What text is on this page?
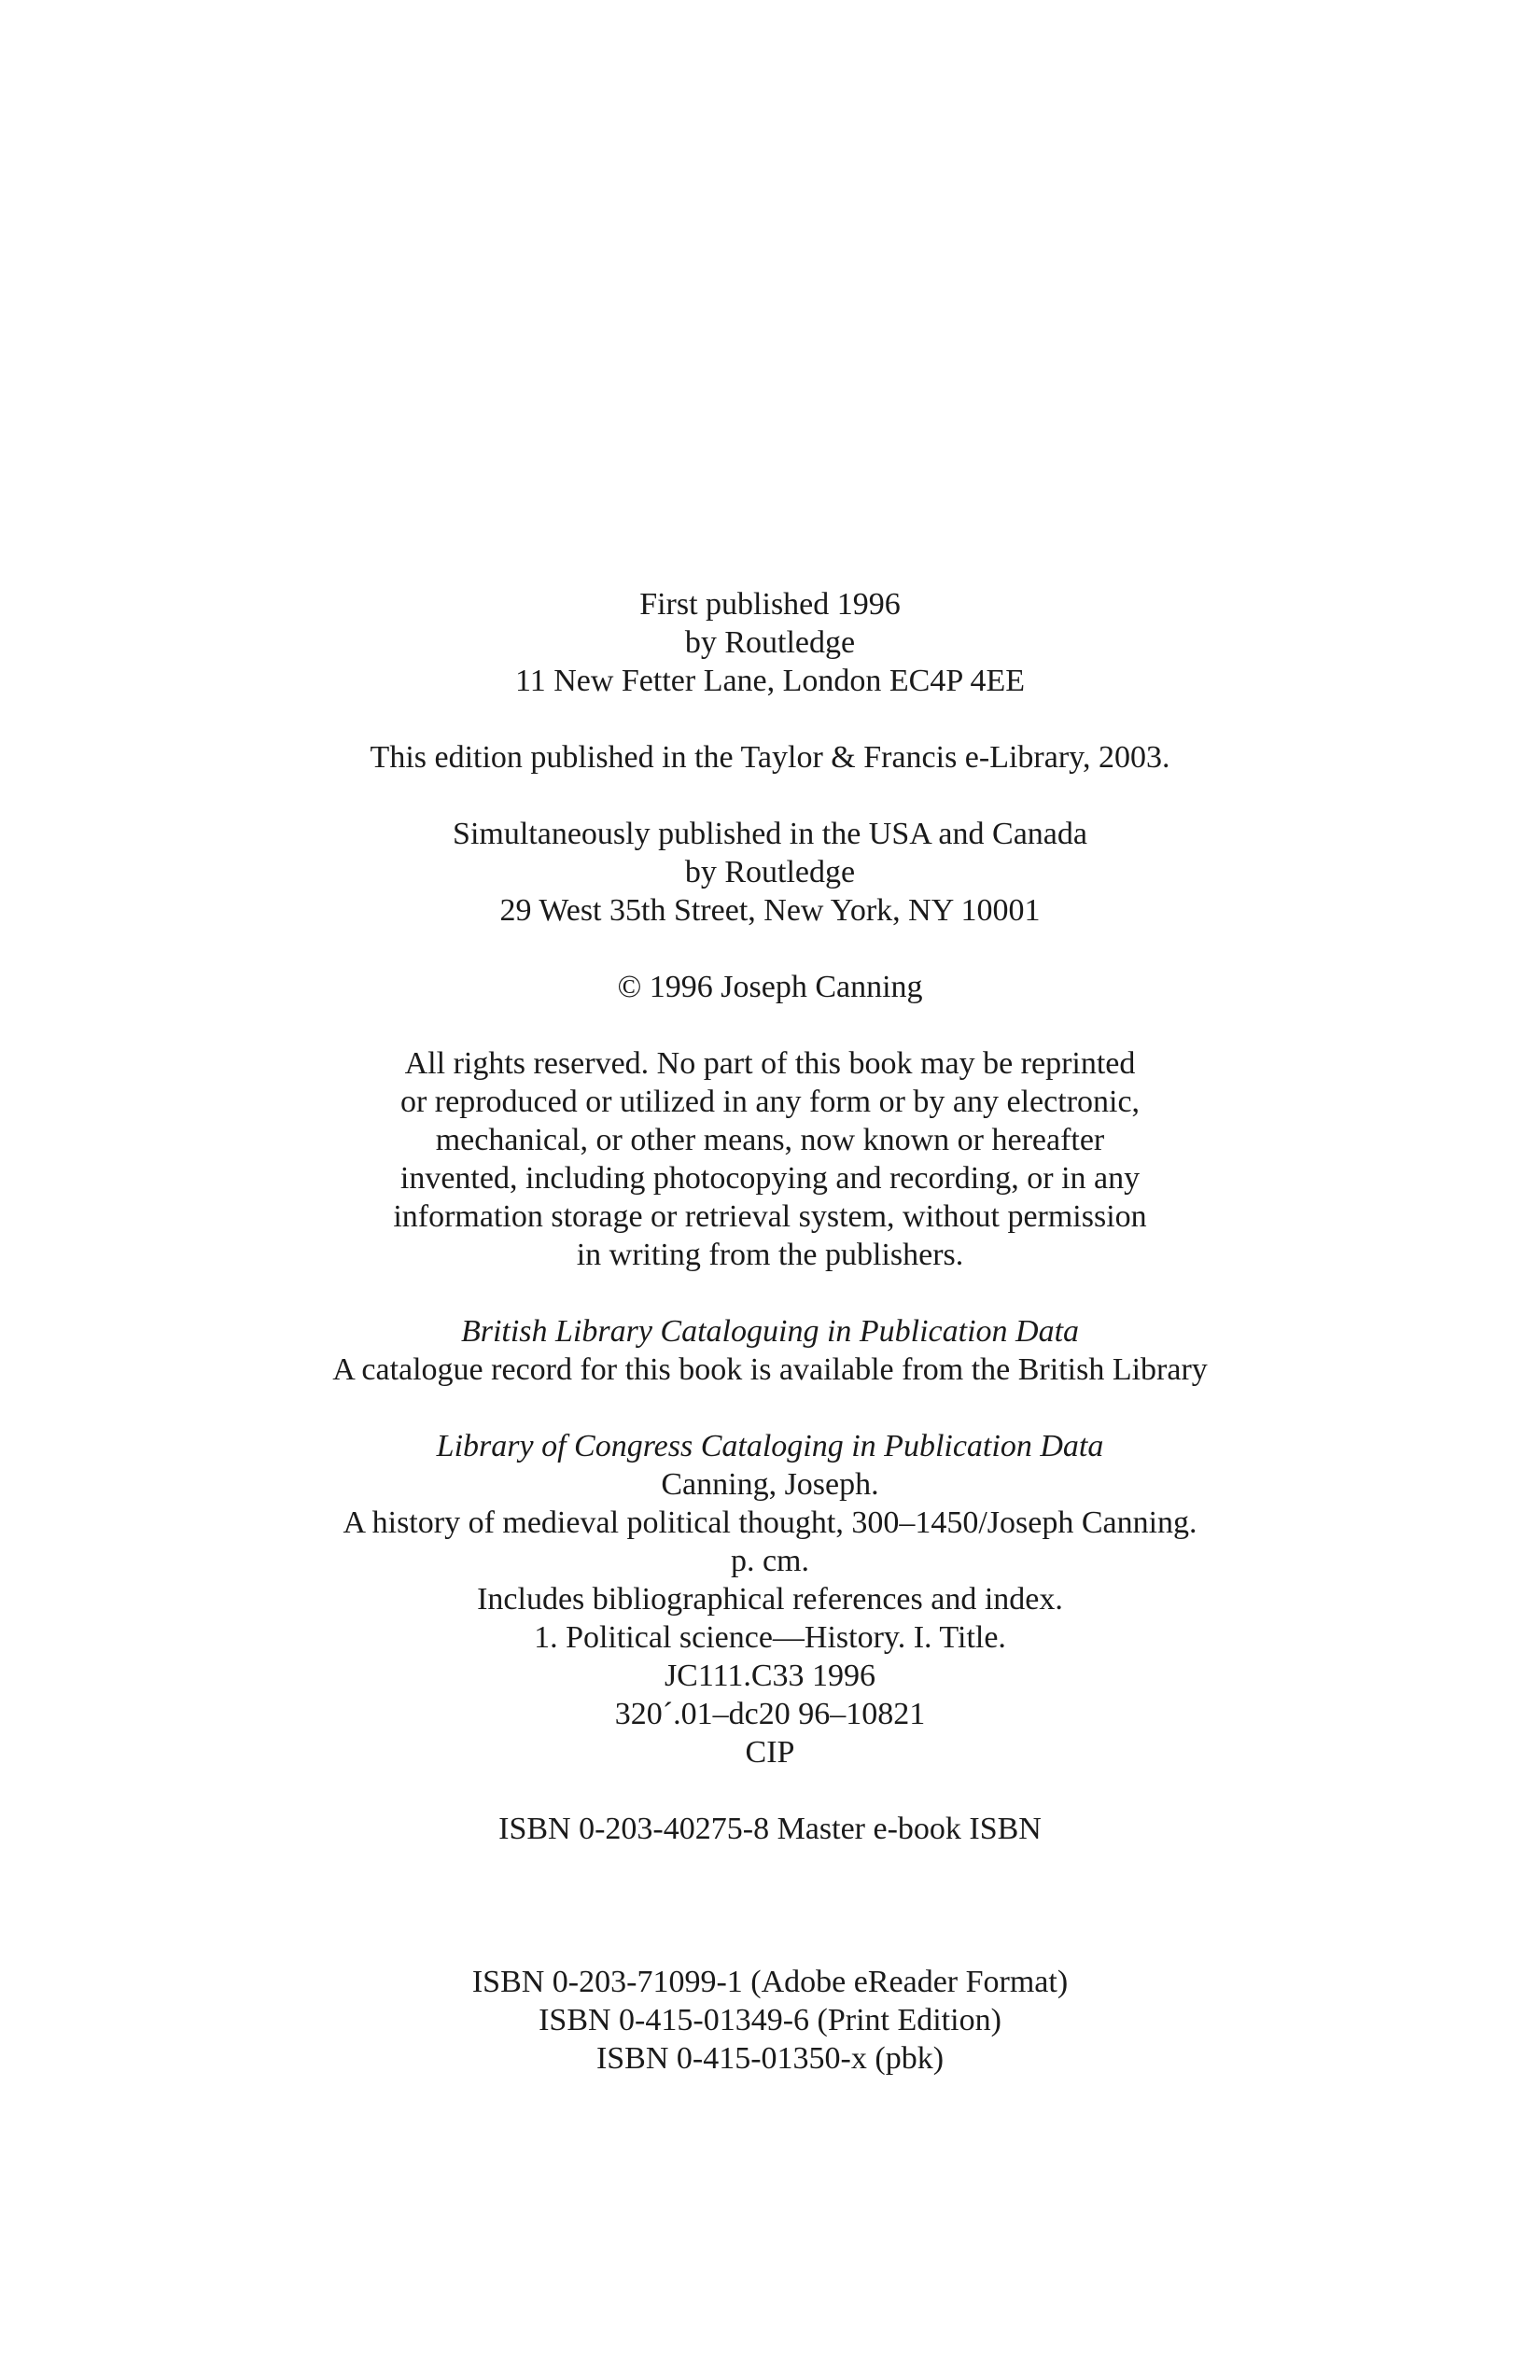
First published 1996
by Routledge
11 New Fetter Lane, London EC4P 4EE
This edition published in the Taylor & Francis e-Library, 2003.
Simultaneously published in the USA and Canada
by Routledge
29 West 35th Street, New York, NY 10001
© 1996 Joseph Canning
All rights reserved. No part of this book may be reprinted
or reproduced or utilized in any form or by any electronic,
mechanical, or other means, now known or hereafter
invented, including photocopying and recording, or in any
information storage or retrieval system, without permission
in writing from the publishers.
British Library Cataloguing in Publication Data
A catalogue record for this book is available from the British Library
Library of Congress Cataloging in Publication Data
Canning, Joseph.
A history of medieval political thought, 300–1450/Joseph Canning.
p. cm.
Includes bibliographical references and index.
1. Political science—History. I. Title.
JC111.C33 1996
320´.01–dc20 96–10821
CIP
ISBN 0-203-40275-8 Master e-book ISBN
ISBN 0-203-71099-1 (Adobe eReader Format)
ISBN 0-415-01349-6 (Print Edition)
ISBN 0-415-01350-x (pbk)
